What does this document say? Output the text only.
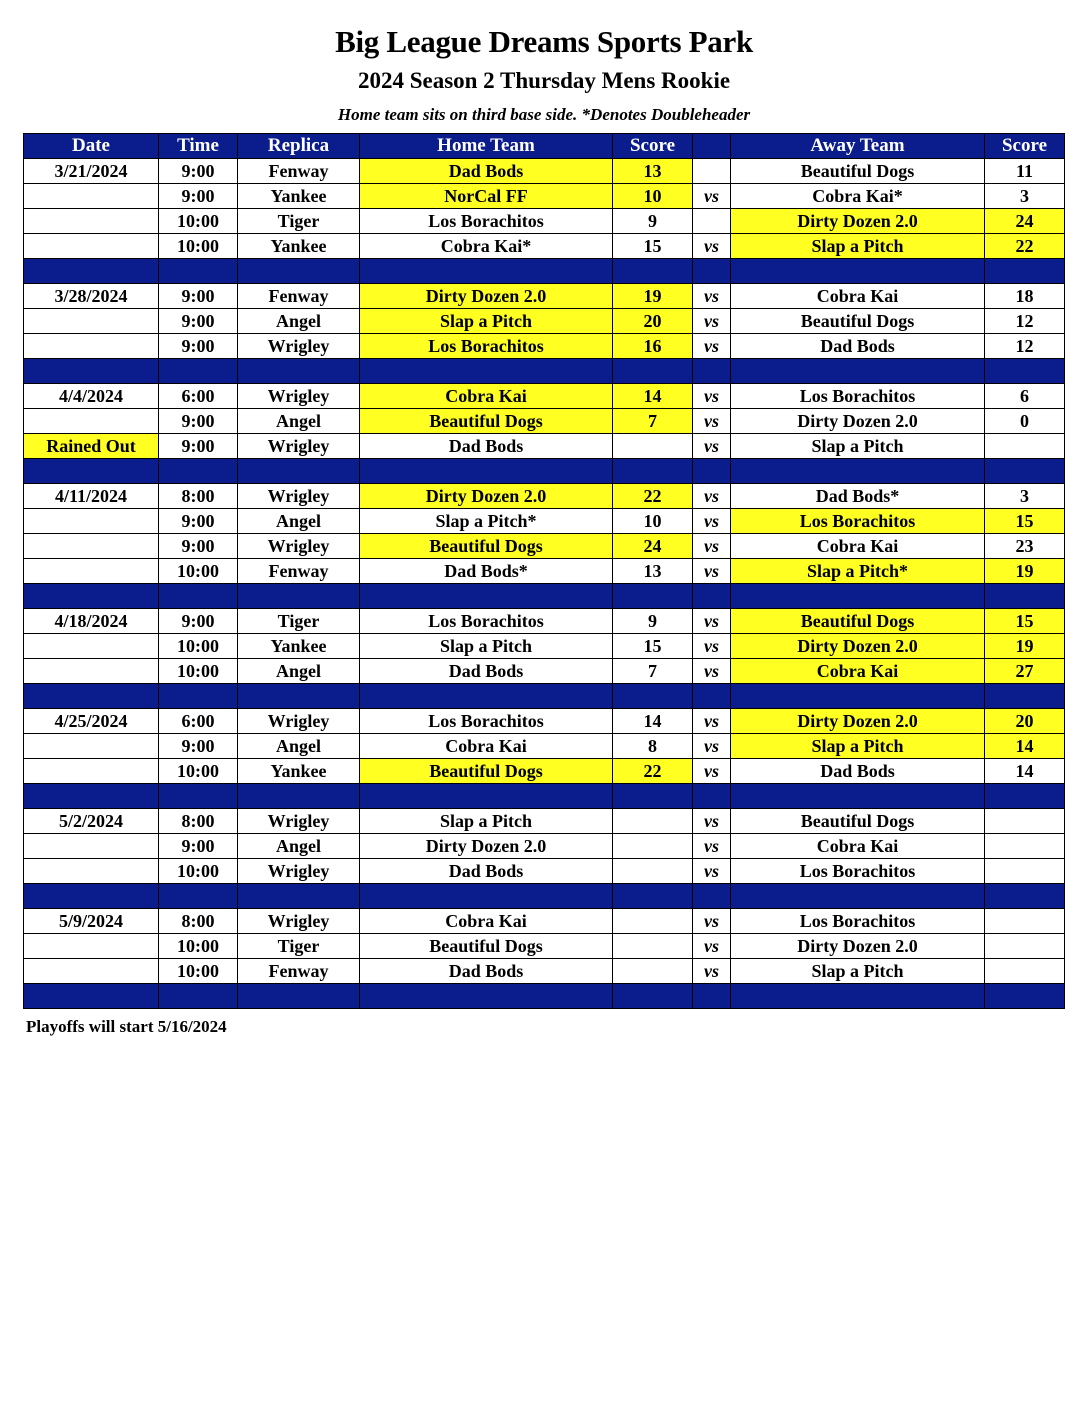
Big League Dreams Sports Park
2024 Season 2 Thursday Mens Rookie
Home team sits on third base side. *Denotes Doubleheader
Date	Time	Replica	Home Team	Score		Away Team	Score
3/21/2024	9:00	Fenway	Dad Bods	13		Beautiful Dogs	11
	9:00	Yankee	NorCal FF	10	vs	Cobra Kai*	3
	10:00	Tiger	Los Borachitos	9		Dirty Dozen 2.0	24
	10:00	Yankee	Cobra Kai*	15	vs	Slap a Pitch	22

3/28/2024	9:00	Fenway	Dirty Dozen 2.0	19	vs	Cobra Kai	18
	9:00	Angel	Slap a Pitch	20	vs	Beautiful Dogs	12
	9:00	Wrigley	Los Borachitos	16	vs	Dad Bods	12

4/4/2024	6:00	Wrigley	Cobra Kai	14	vs	Los Borachitos	6
	9:00	Angel	Beautiful Dogs	7	vs	Dirty Dozen 2.0	0
Rained Out	9:00	Wrigley	Dad Bods		vs	Slap a Pitch	

4/11/2024	8:00	Wrigley	Dirty Dozen 2.0	22	vs	Dad Bods*	3
	9:00	Angel	Slap a Pitch*	10	vs	Los Borachitos	15
	9:00	Wrigley	Beautiful Dogs	24	vs	Cobra Kai	23
	10:00	Fenway	Dad Bods*	13	vs	Slap a Pitch*	19

4/18/2024	9:00	Tiger	Los Borachitos	9	vs	Beautiful Dogs	15
	10:00	Yankee	Slap a Pitch	15	vs	Dirty Dozen 2.0	19
	10:00	Angel	Dad Bods	7	vs	Cobra Kai	27

4/25/2024	6:00	Wrigley	Los Borachitos	14	vs	Dirty Dozen 2.0	20
	9:00	Angel	Cobra Kai	8	vs	Slap a Pitch	14
	10:00	Yankee	Beautiful Dogs	22	vs	Dad Bods	14

5/2/2024	8:00	Wrigley	Slap a Pitch		vs	Beautiful Dogs	
	9:00	Angel	Dirty Dozen 2.0		vs	Cobra Kai	
	10:00	Wrigley	Dad Bods		vs	Los Borachitos	

5/9/2024	8:00	Wrigley	Cobra Kai		vs	Los Borachitos	
	10:00	Tiger	Beautiful Dogs		vs	Dirty Dozen 2.0	
	10:00	Fenway	Dad Bods		vs	Slap a Pitch	

Playoffs will start 5/16/2024
